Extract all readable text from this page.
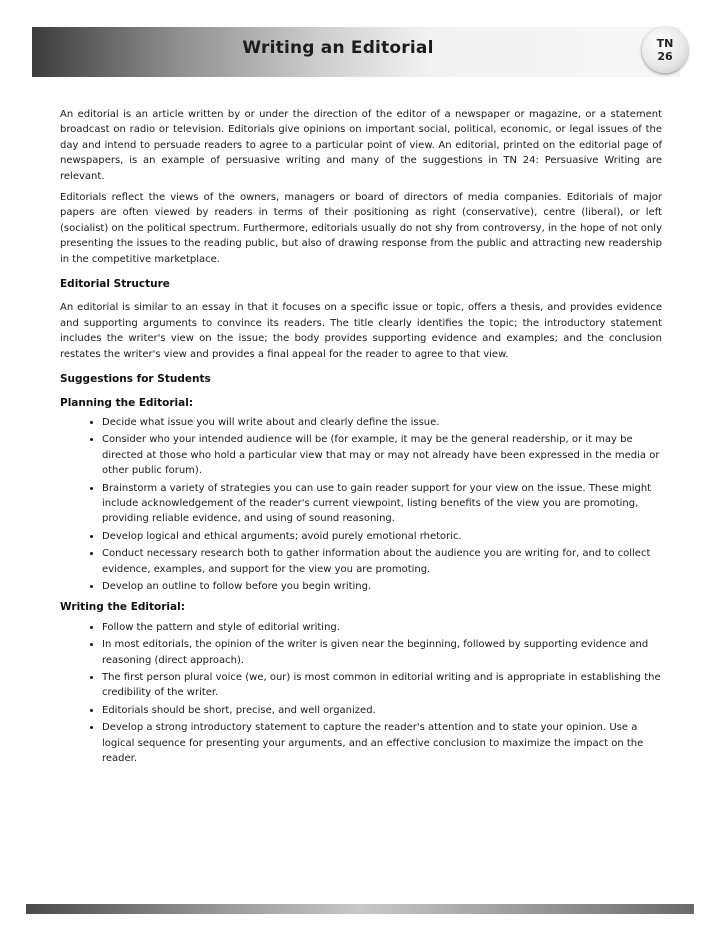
Writing an Editorial	TN
26

An editorial is an article written by or under the direction of the editor of a newspaper or magazine, or a statement broadcast on radio or television. Editorials give opinions on important social, political, economic, or legal issues of the day and intend to persuade readers to agree to a particular point of view. An editorial, printed on the editorial page of newspapers, is an example of persuasive writing and many of the suggestions in TN 24: Persuasive Writing are relevant.

Editorials reflect the views of the owners, managers or board of directors of media companies. Editorials of major papers are often viewed by readers in terms of their positioning as right (conservative), centre (liberal), or left (socialist) on the political spectrum. Furthermore, editorials usually do not shy from controversy, in the hope of not only presenting the issues to the reading public, but also of drawing response from the public and attracting new readership in the competitive marketplace.

Editorial Structure

An editorial is similar to an essay in that it focuses on a specific issue or topic, offers a thesis, and provides evidence and supporting arguments to convince its readers. The title clearly identifies the topic; the introductory statement includes the writer's view on the issue; the body provides supporting evidence and examples; and the conclusion restates the writer's view and provides a final appeal for the reader to agree to that view.

Suggestions for Students
Planning the Editorial:
• Decide what issue you will write about and clearly define the issue.
• Consider who your intended audience will be (for example, it may be the general readership, or it may be directed at those who hold a particular view that may or may not already have been expressed in the media or other public forum).
• Brainstorm a variety of strategies you can use to gain reader support for your view on the issue. These might include acknowledgement of the reader's current viewpoint, listing benefits of the view you are promoting, providing reliable evidence, and using of sound reasoning.
• Develop logical and ethical arguments; avoid purely emotional rhetoric.
• Conduct necessary research both to gather information about the audience you are writing for, and to collect evidence, examples, and support for the view you are promoting.
• Develop an outline to follow before you begin writing.
Writing the Editorial:
• Follow the pattern and style of editorial writing.
• In most editorials, the opinion of the writer is given near the beginning, followed by supporting evidence and reasoning (direct approach).
• The first person plural voice (we, our) is most common in editorial writing and is appropriate in establishing the credibility of the writer.
• Editorials should be short, precise, and well organized.
• Develop a strong introductory statement to capture the reader's attention and to state your opinion. Use a logical sequence for presenting your arguments, and an effective conclusion to maximize the impact on the reader.
